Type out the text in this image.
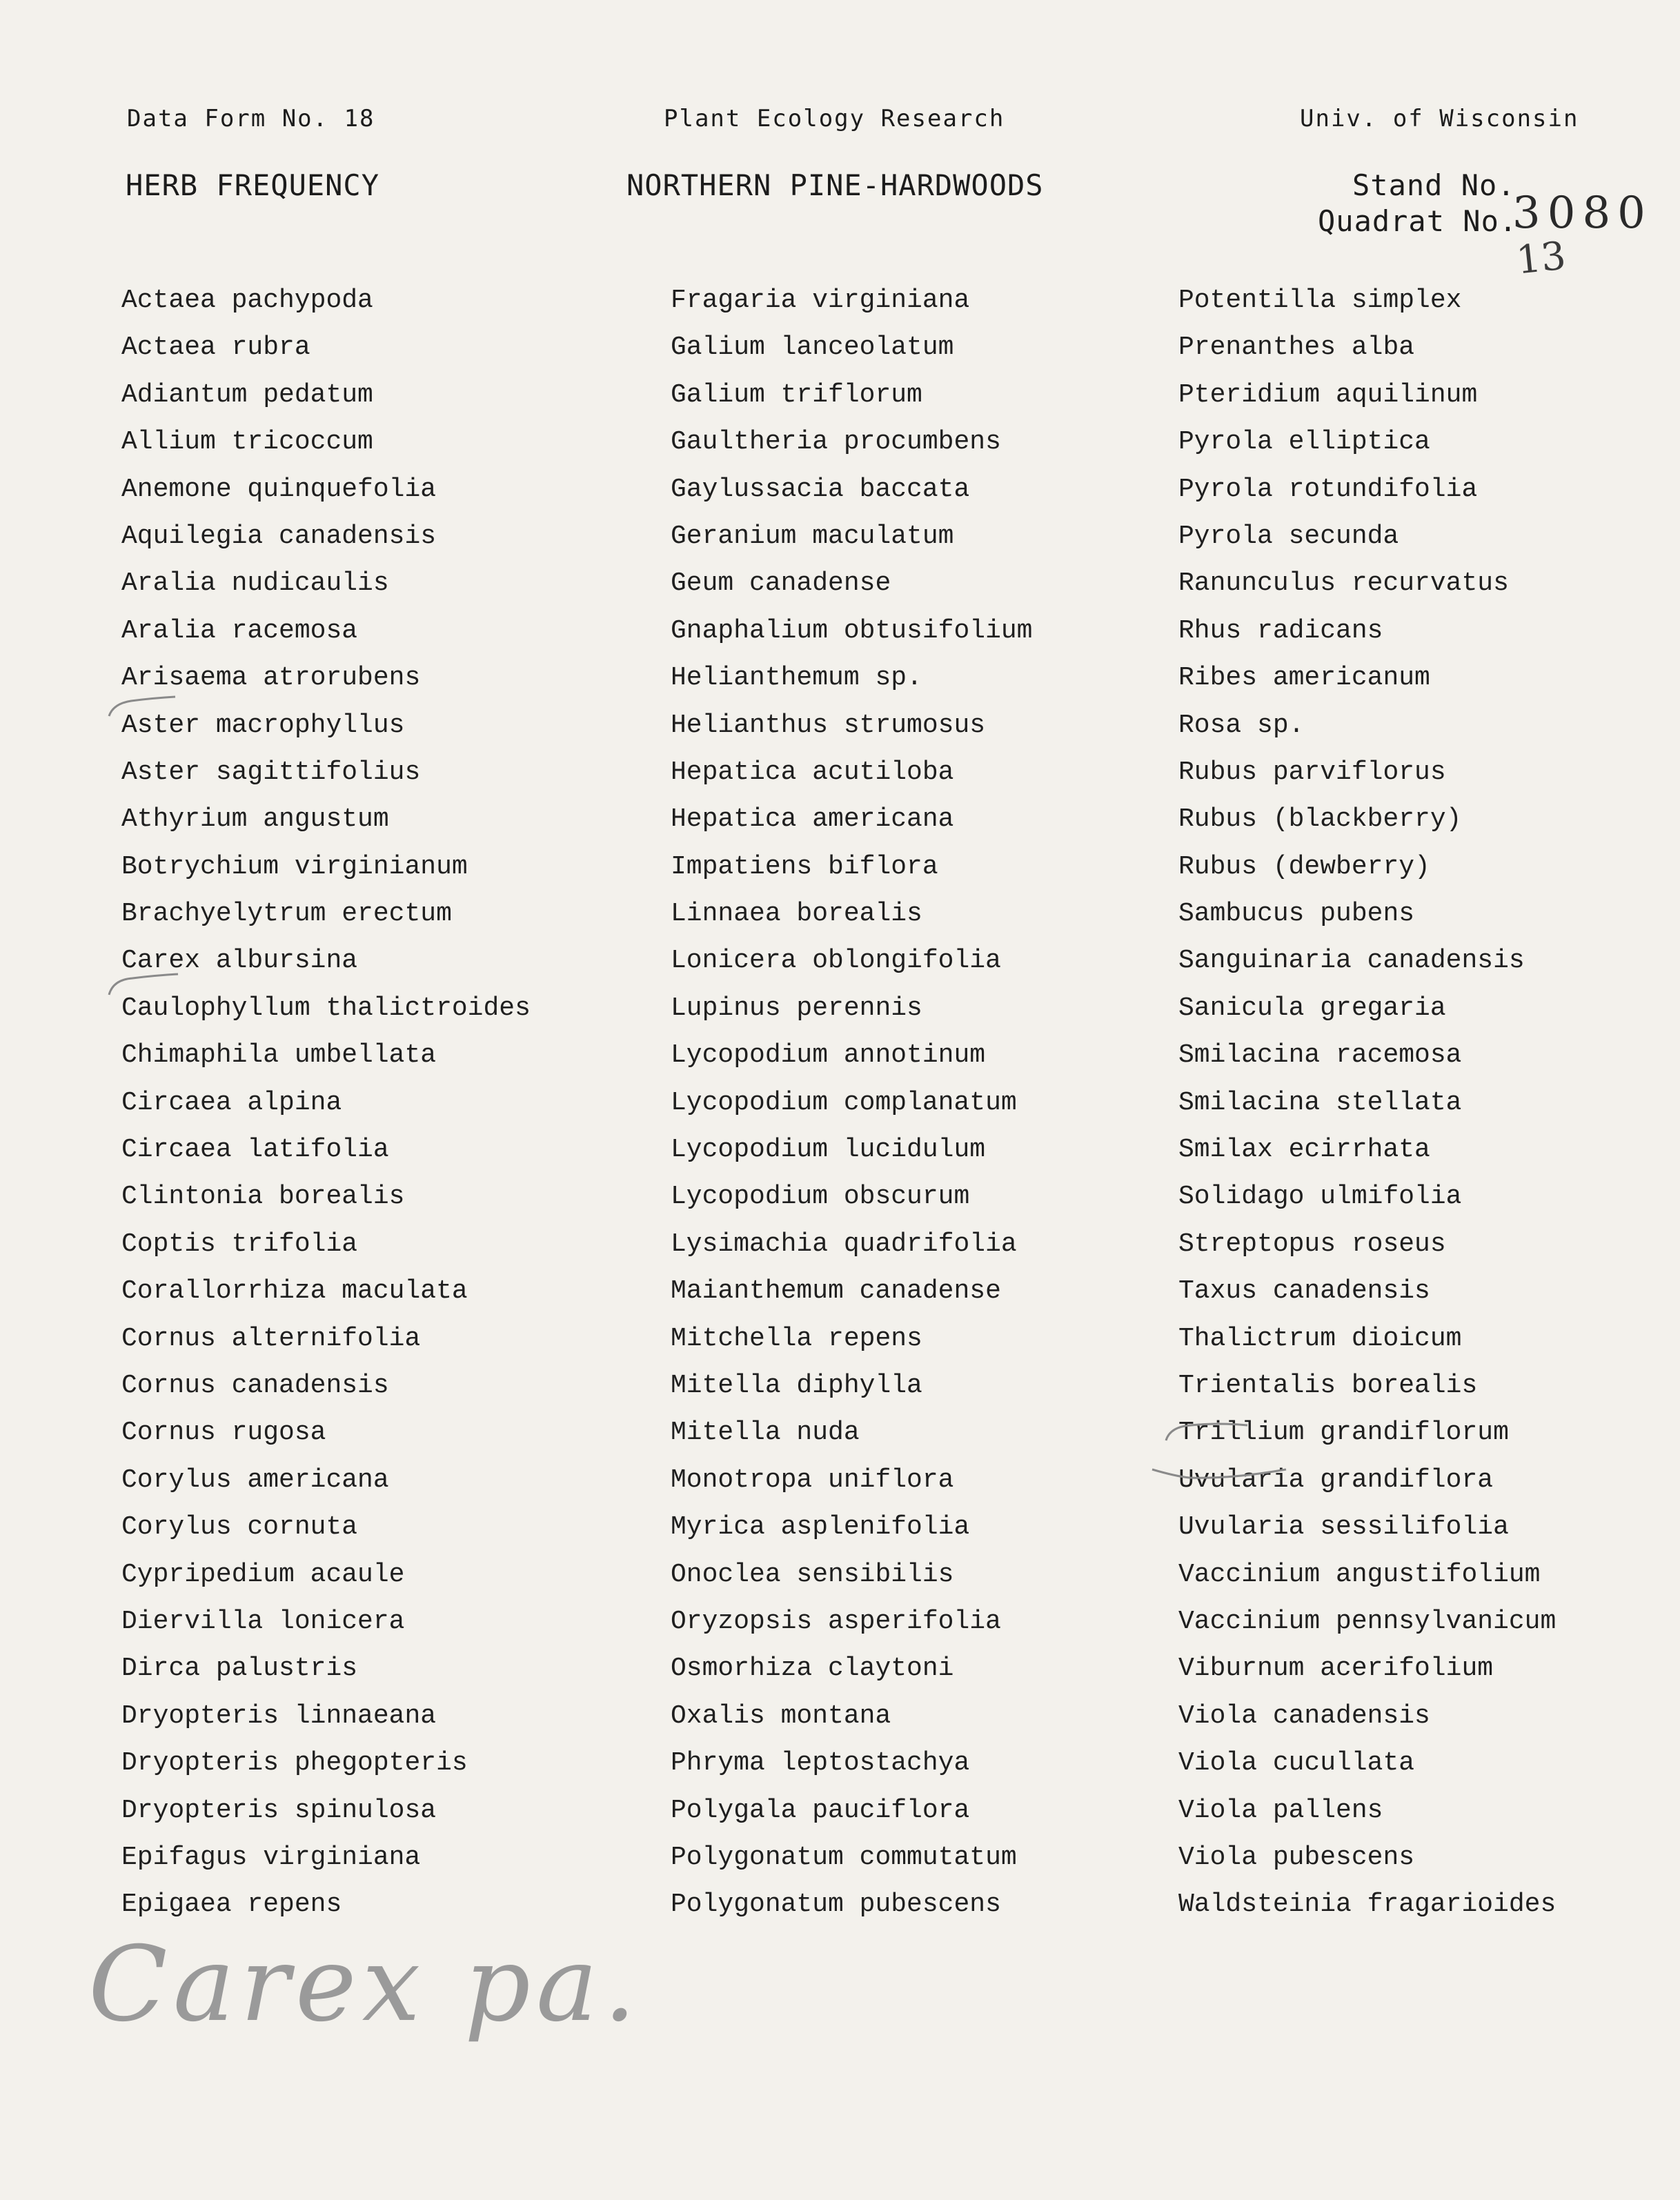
Data Form No. 18	Plant Ecology Research	Univ. of Wisconsin
HERB FREQUENCY	NORTHERN PINE-HARDWOODS	Stand No.
Quadrat No.
3080
13
Actaea pachypoda
Actaea rubra
Adiantum pedatum
Allium tricoccum
Anemone quinquefolia
Aquilegia canadensis
Aralia nudicaulis
Aralia racemosa
Arisaema atrorubens
Aster macrophyllus
Aster sagittifolius
Athyrium angustum
Botrychium virginianum
Brachyelytrum erectum
Carex albursina
Caulophyllum thalictroides
Chimaphila umbellata
Circaea alpina
Circaea latifolia
Clintonia borealis
Coptis trifolia
Corallorrhiza maculata
Cornus alternifolia
Cornus canadensis
Cornus rugosa
Corylus americana
Corylus cornuta
Cypripedium acaule
Diervilla lonicera
Dirca palustris
Dryopteris linnaeana
Dryopteris phegopteris
Dryopteris spinulosa
Epifagus virginiana
Epigaea repens
Fragaria virginiana
Galium lanceolatum
Galium triflorum
Gaultheria procumbens
Gaylussacia baccata
Geranium maculatum
Geum canadense
Gnaphalium obtusifolium
Helianthemum sp.
Helianthus strumosus
Hepatica acutiloba
Hepatica americana
Impatiens biflora
Linnaea borealis
Lonicera oblongifolia
Lupinus perennis
Lycopodium annotinum
Lycopodium complanatum
Lycopodium lucidulum
Lycopodium obscurum
Lysimachia quadrifolia
Maianthemum canadense
Mitchella repens
Mitella diphylla
Mitella nuda
Monotropa uniflora
Myrica asplenifolia
Onoclea sensibilis
Oryzopsis asperifolia
Osmorhiza claytoni
Oxalis montana
Phryma leptostachya
Polygala pauciflora
Polygonatum commutatum
Polygonatum pubescens
Potentilla simplex
Prenanthes alba
Pteridium aquilinum
Pyrola elliptica
Pyrola rotundifolia
Pyrola secunda
Ranunculus recurvatus
Rhus radicans
Ribes americanum
Rosa sp.
Rubus parviflorus
Rubus (blackberry)
Rubus (dewberry)
Sambucus pubens
Sanguinaria canadensis
Sanicula gregaria
Smilacina racemosa
Smilacina stellata
Smilax ecirrhata
Solidago ulmifolia
Streptopus roseus
Taxus canadensis
Thalictrum dioicum
Trientalis borealis
Trillium grandiflorum
Uvularia grandiflora
Uvularia sessilifolia
Vaccinium angustifolium
Vaccinium pennsylvanicum
Viburnum acerifolium
Viola canadensis
Viola cucullata
Viola pallens
Viola pubescens
Waldsteinia fragarioides
Carex pa.
